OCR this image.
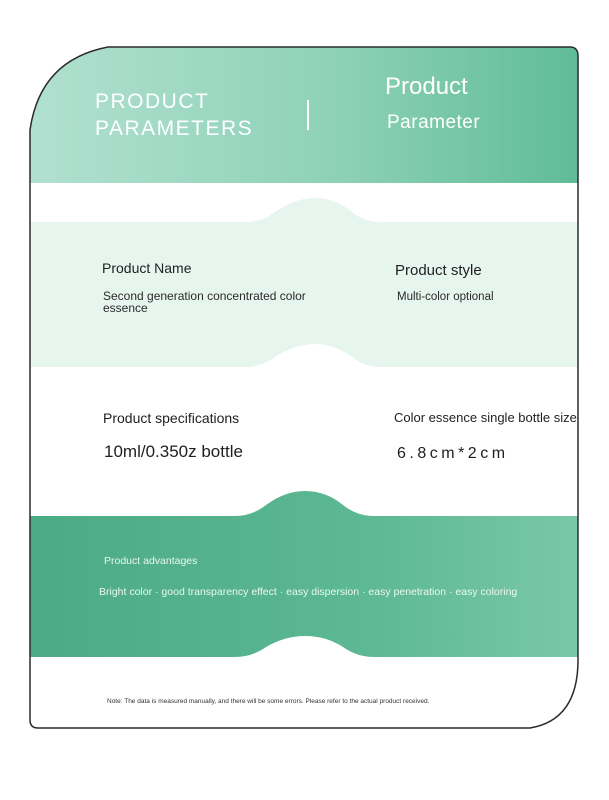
PRODUCT
PARAMETERS
Product
Parameter
Product Name
Second generation concentrated color essence
Product style
Multi-color optional
Product specifications
10ml/0.350z bottle
Color essence single bottle size
6.8cm*2cm
Product advantages
Bright color · good transparency effect · easy dispersion · easy penetration · easy coloring
Note: The data is measured manually, and there will be some errors. Please refer to the actual product received.
